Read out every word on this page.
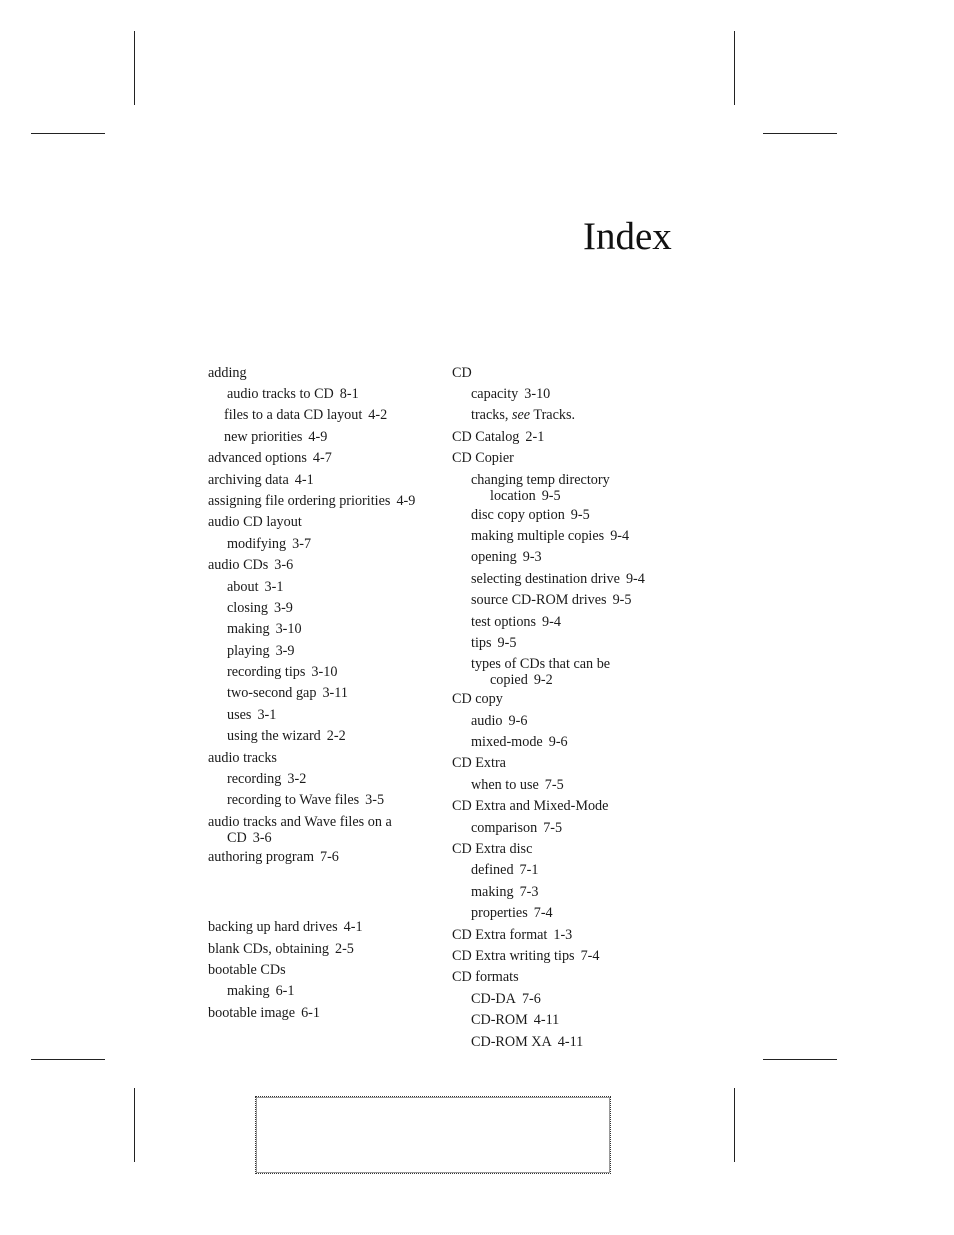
Index
adding
audio tracks to CD 8-1
files to a data CD layout 4-2
new priorities 4-9
advanced options 4-7
archiving data 4-1
assigning file ordering priorities 4-9
audio CD layout
modifying 3-7
audio CDs 3-6
about 3-1
closing 3-9
making 3-10
playing 3-9
recording tips 3-10
two-second gap 3-11
uses 3-1
using the wizard 2-2
audio tracks
recording 3-2
recording to Wave files 3-5
audio tracks and Wave files on a
CD 3-6
authoring program 7-6
backing up hard drives 4-1
blank CDs, obtaining 2-5
bootable CDs
making 6-1
bootable image 6-1
CD
capacity 3-10
tracks, see Tracks.
CD Catalog 2-1
CD Copier
changing temp directory
location 9-5
disc copy option 9-5
making multiple copies 9-4
opening 9-3
selecting destination drive 9-4
source CD-ROM drives 9-5
test options 9-4
tips 9-5
types of CDs that can be
copied 9-2
CD copy
audio 9-6
mixed-mode 9-6
CD Extra
when to use 7-5
CD Extra and Mixed-Mode
comparison 7-5
CD Extra disc
defined 7-1
making 7-3
properties 7-4
CD Extra format 1-3
CD Extra writing tips 7-4
CD formats
CD-DA 7-6
CD-ROM 4-11
CD-ROM XA 4-11
